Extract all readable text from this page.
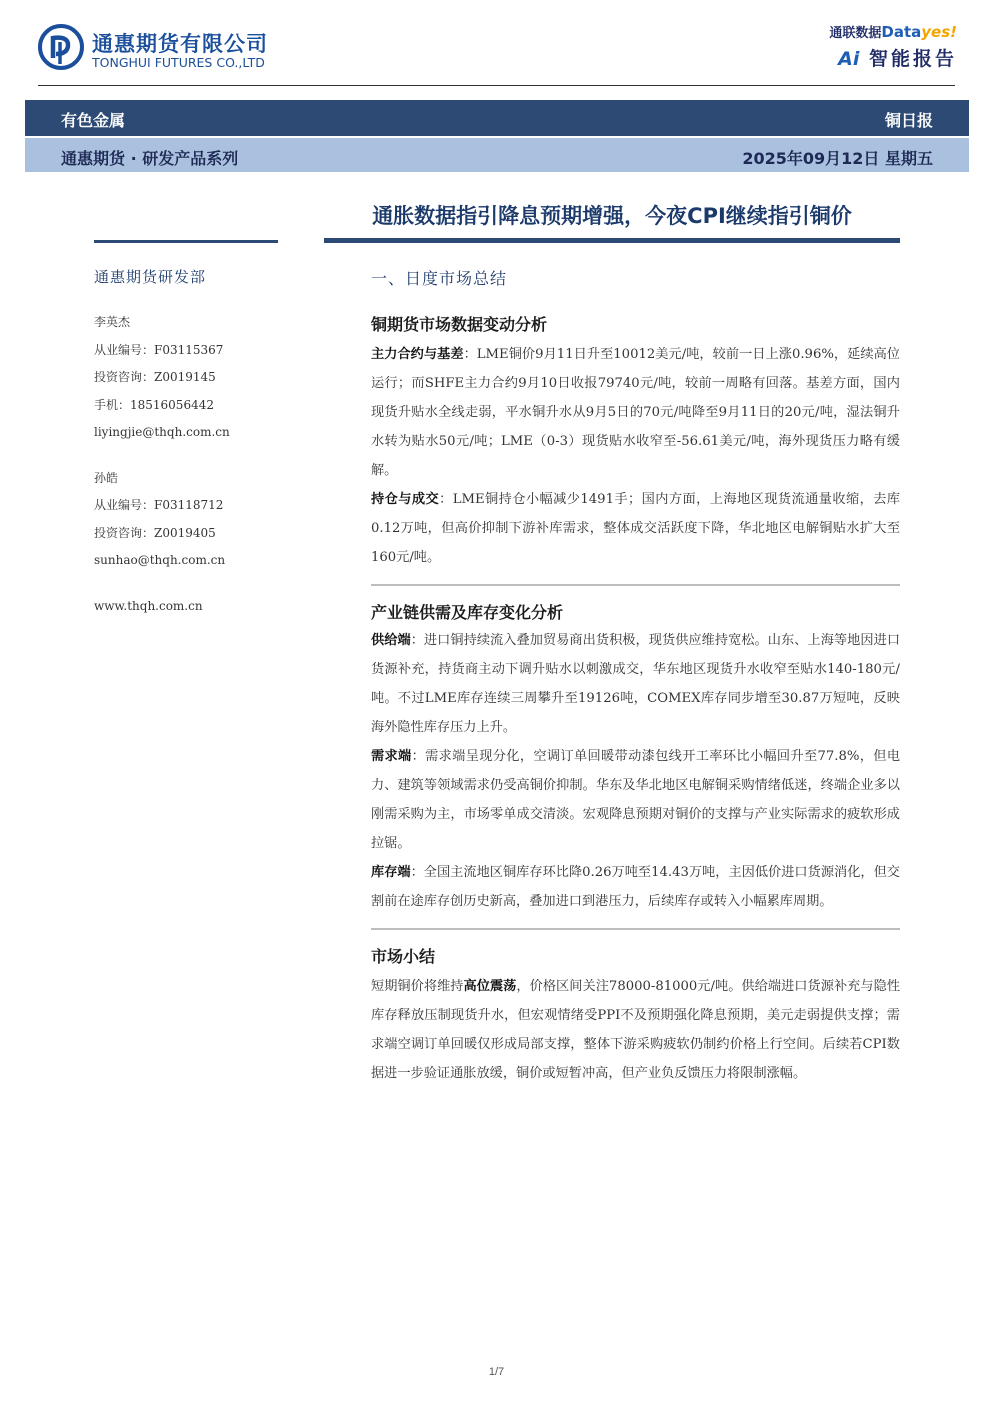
通惠期货有限公司
TONGHUI FUTURES CO.,LTD
通联数据Datayes!
Ai 智能报告
有色金属	铜日报
通惠期货 · 研发产品系列	2025年09月12日 星期五
通胀数据指引降息预期增强，今夜CPI继续指引铜价
通惠期货研发部
李英杰
从业编号：F03115367
投资咨询：Z0019145
手机：18516056442
liyingjie@thqh.com.cn
孙皓
从业编号：F03118712
投资咨询：Z0019405
sunhao@thqh.com.cn
www.thqh.com.cn
一、日度市场总结
铜期货市场数据变动分析
主力合约与基差：LME铜价9月11日升至10012美元/吨，较前一日上涨0.96%，延续高位运行；而SHFE主力合约9月10日收报79740元/吨，较前一周略有回落。基差方面，国内现货升贴水全线走弱，平水铜升水从9月5日的70元/吨降至9月11日的20元/吨，湿法铜升水转为贴水50元/吨；LME（0-3）现货贴水收窄至-56.61美元/吨，海外现货压力略有缓解。
持仓与成交：LME铜持仓小幅减少1491手；国内方面，上海地区现货流通量收缩，去库0.12万吨，但高价抑制下游补库需求，整体成交活跃度下降，华北地区电解铜贴水扩大至160元/吨。
产业链供需及库存变化分析
供给端：进口铜持续流入叠加贸易商出货积极，现货供应维持宽松。山东、上海等地因进口货源补充，持货商主动下调升贴水以刺激成交，华东地区现货升水收窄至贴水140-180元/吨。不过LME库存连续三周攀升至19126吨，COMEX库存同步增至30.87万短吨，反映海外隐性库存压力上升。
需求端：需求端呈现分化，空调订单回暖带动漆包线开工率环比小幅回升至77.8%，但电力、建筑等领域需求仍受高铜价抑制。华东及华北地区电解铜采购情绪低迷，终端企业多以刚需采购为主，市场零单成交清淡。宏观降息预期对铜价的支撑与产业实际需求的疲软形成拉锯。
库存端：全国主流地区铜库存环比降0.26万吨至14.43万吨，主因低价进口货源消化，但交割前在途库存创历史新高，叠加进口到港压力，后续库存或转入小幅累库周期。
市场小结
短期铜价将维持高位震荡，价格区间关注78000-81000元/吨。供给端进口货源补充与隐性库存释放压制现货升水，但宏观情绪受PPI不及预期强化降息预期，美元走弱提供支撑；需求端空调订单回暖仅形成局部支撑，整体下游采购疲软仍制约价格上行空间。后续若CPI数据进一步验证通胀放缓，铜价或短暂冲高，但产业负反馈压力将限制涨幅。
1/7
